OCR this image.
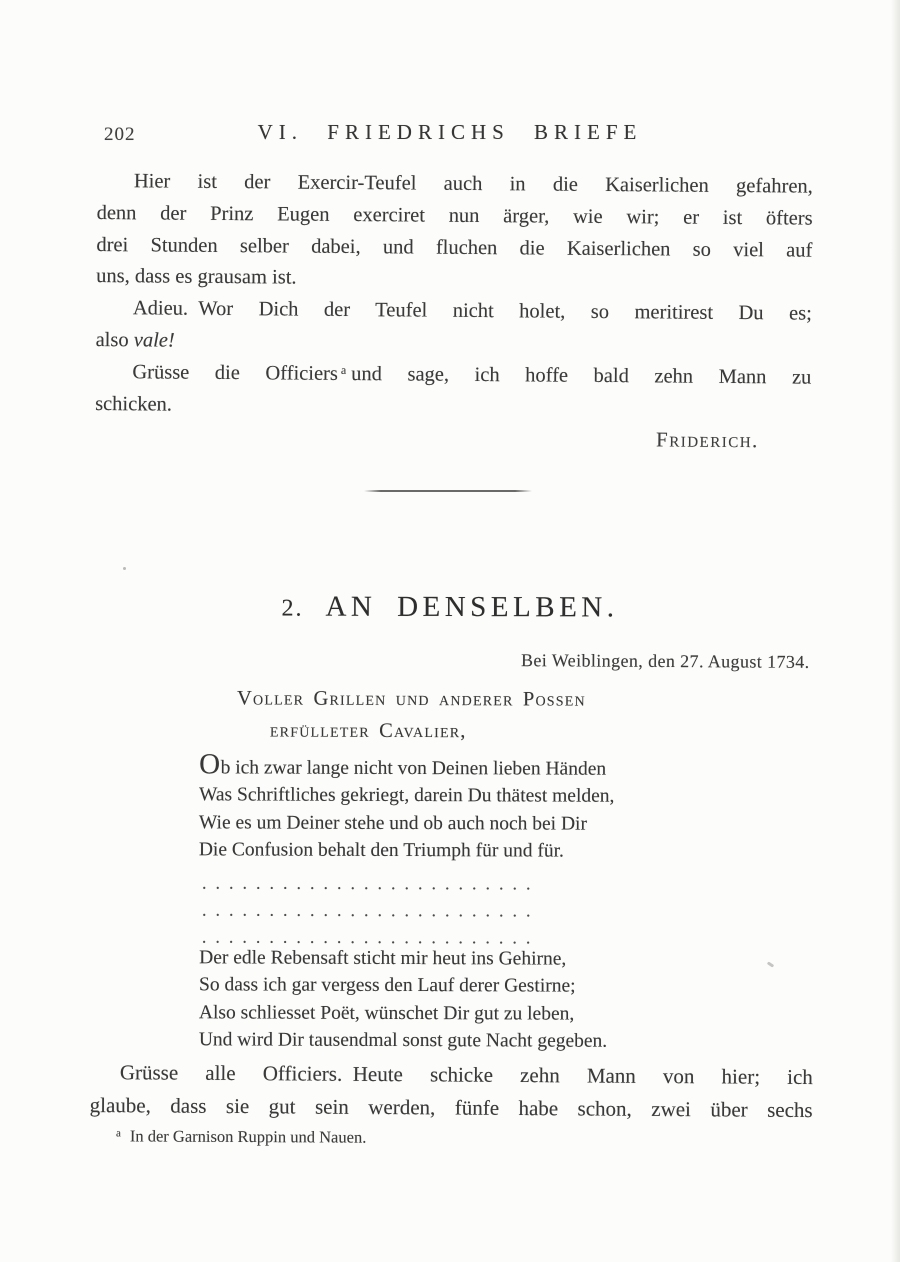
202	VI. FRIEDRICHS BRIEFE
Hier ist der Exercir-Teufel auch in die Kaiserlichen gefahren,
denn der Prinz Eugen exerciret nun ärger, wie wir; er ist öfters
drei Stunden selber dabei, und fluchen die Kaiserlichen so viel auf
uns, dass es grausam ist.
Adieu. Wor Dich der Teufel nicht holet, so meritirest Du es;
also vale!
Grüsse die Officiers $^a$ und sage, ich hoffe bald zehn Mann zu
schicken.
Friderich.
2. AN DENSELBEN.
Bei Weiblingen, den 27. August 1734.
Voller Grillen und anderer Possen
erfülleter Cavalier,
Ob ich zwar lange nicht von Deinen lieben Händen
Was Schriftliches gekriegt, darein Du thätest melden,
Wie es um Deiner stehe und ob auch noch bei Dir
Die Confusion behalt den Triumph für und für.
. . . . . . . . . . . . . . . . . . . . . . . . .
. . . . . . . . . . . . . . . . . . . . . . . . .
. . . . . . . . . . . . . . . . . . . . . . . . .
Der edle Rebensaft sticht mir heut ins Gehirne,
So dass ich gar vergess den Lauf derer Gestirne;
Also schliesset Poët, wünschet Dir gut zu leben,
Und wird Dir tausendmal sonst gute Nacht gegeben.
Grüsse alle Officiers. Heute schicke zehn Mann von hier; ich
glaube, dass sie gut sein werden, fünfe habe schon, zwei über sechs
$^a$ In der Garnison Ruppin und Nauen.
